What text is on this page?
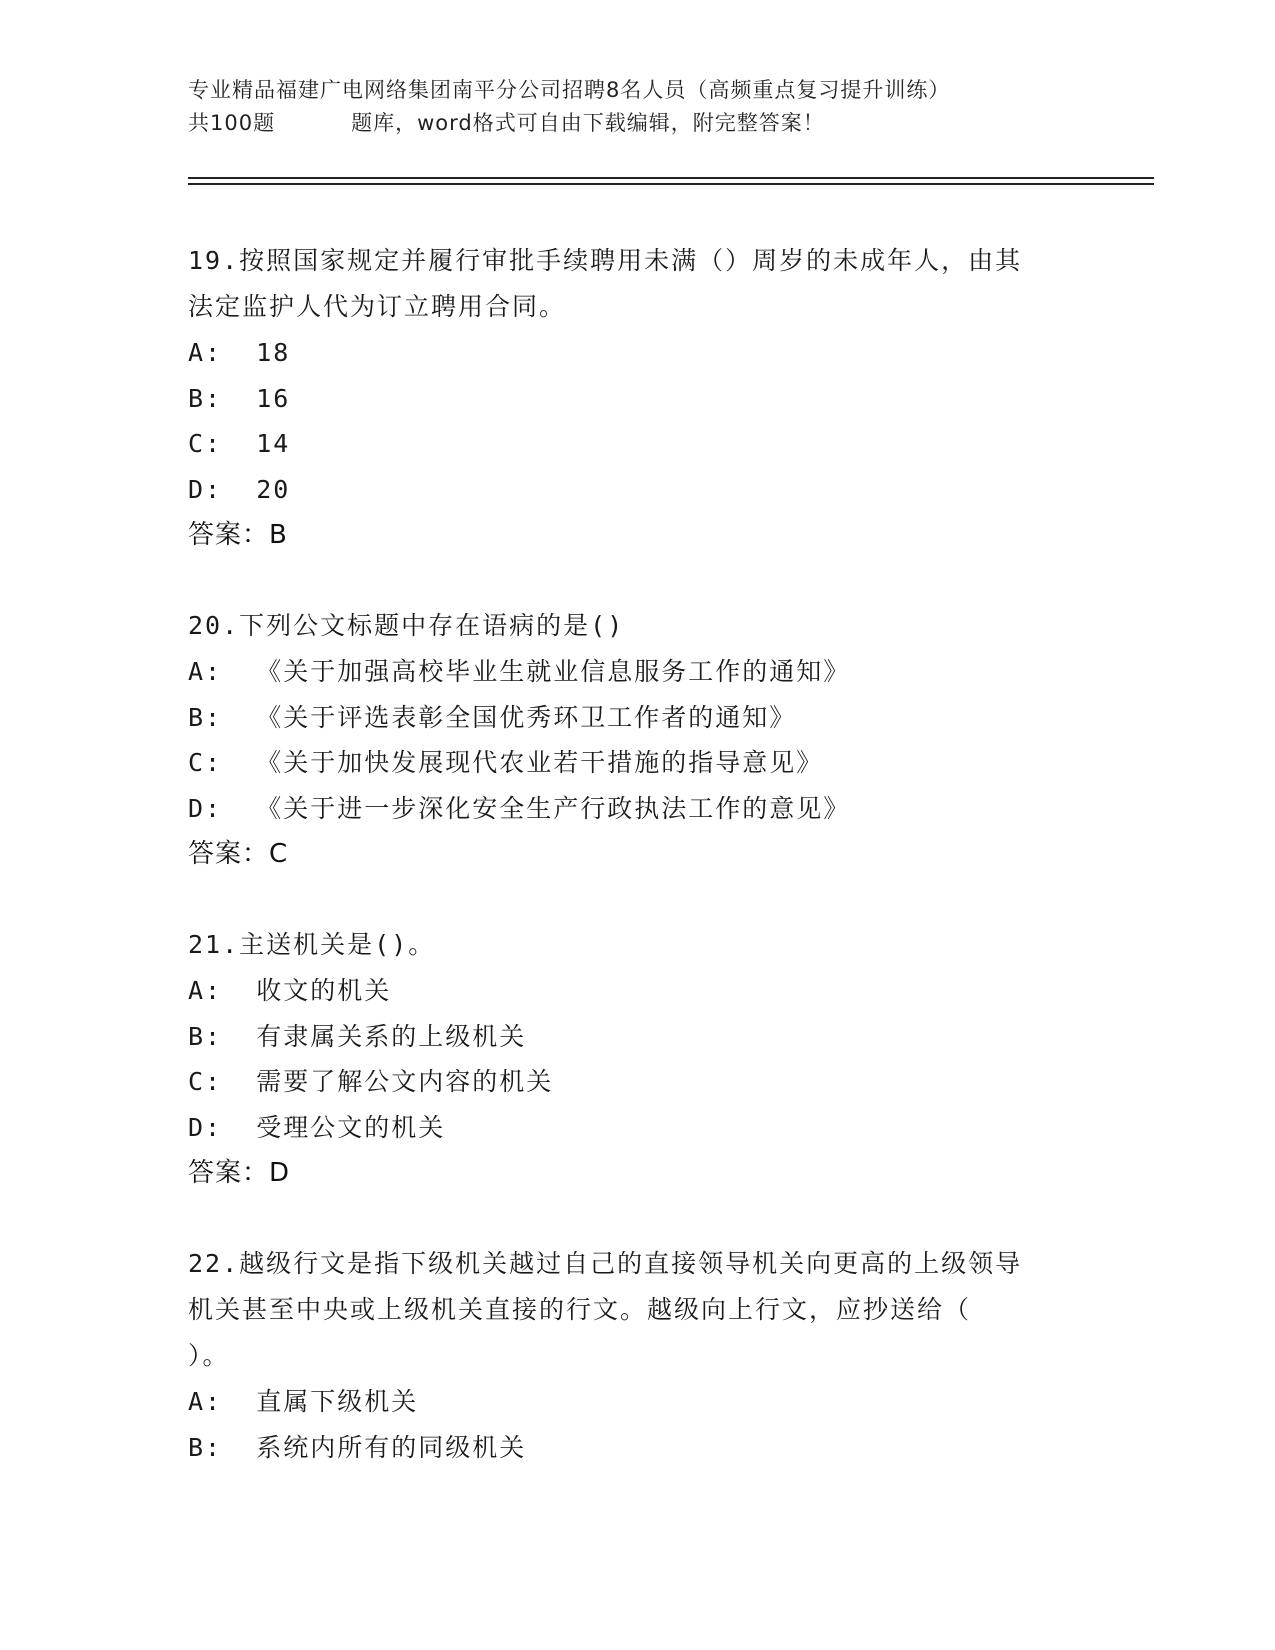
专业精品福建广电网络集团南平分公司招聘8名人员（高频重点复习提升训练）
共100题	题库，word格式可自由下载编辑，附完整答案！
19.按照国家规定并履行审批手续聘用未满（）周岁的未成年人，由其
法定监护人代为订立聘用合同。
A:  18
B:  16
C:  14
D:  20
答案：B
20.下列公文标题中存在语病的是()
A:  《关于加强高校毕业生就业信息服务工作的通知》
B:  《关于评选表彰全国优秀环卫工作者的通知》
C:  《关于加快发展现代农业若干措施的指导意见》
D:  《关于进一步深化安全生产行政执法工作的意见》
答案：C
21.主送机关是()。
A:  收文的机关
B:  有隶属关系的上级机关
C:  需要了解公文内容的机关
D:  受理公文的机关
答案：D
22.越级行文是指下级机关越过自己的直接领导机关向更高的上级领导
机关甚至中央或上级机关直接的行文。越级向上行文，应抄送给（
）。
A:  直属下级机关
B:  系统内所有的同级机关
